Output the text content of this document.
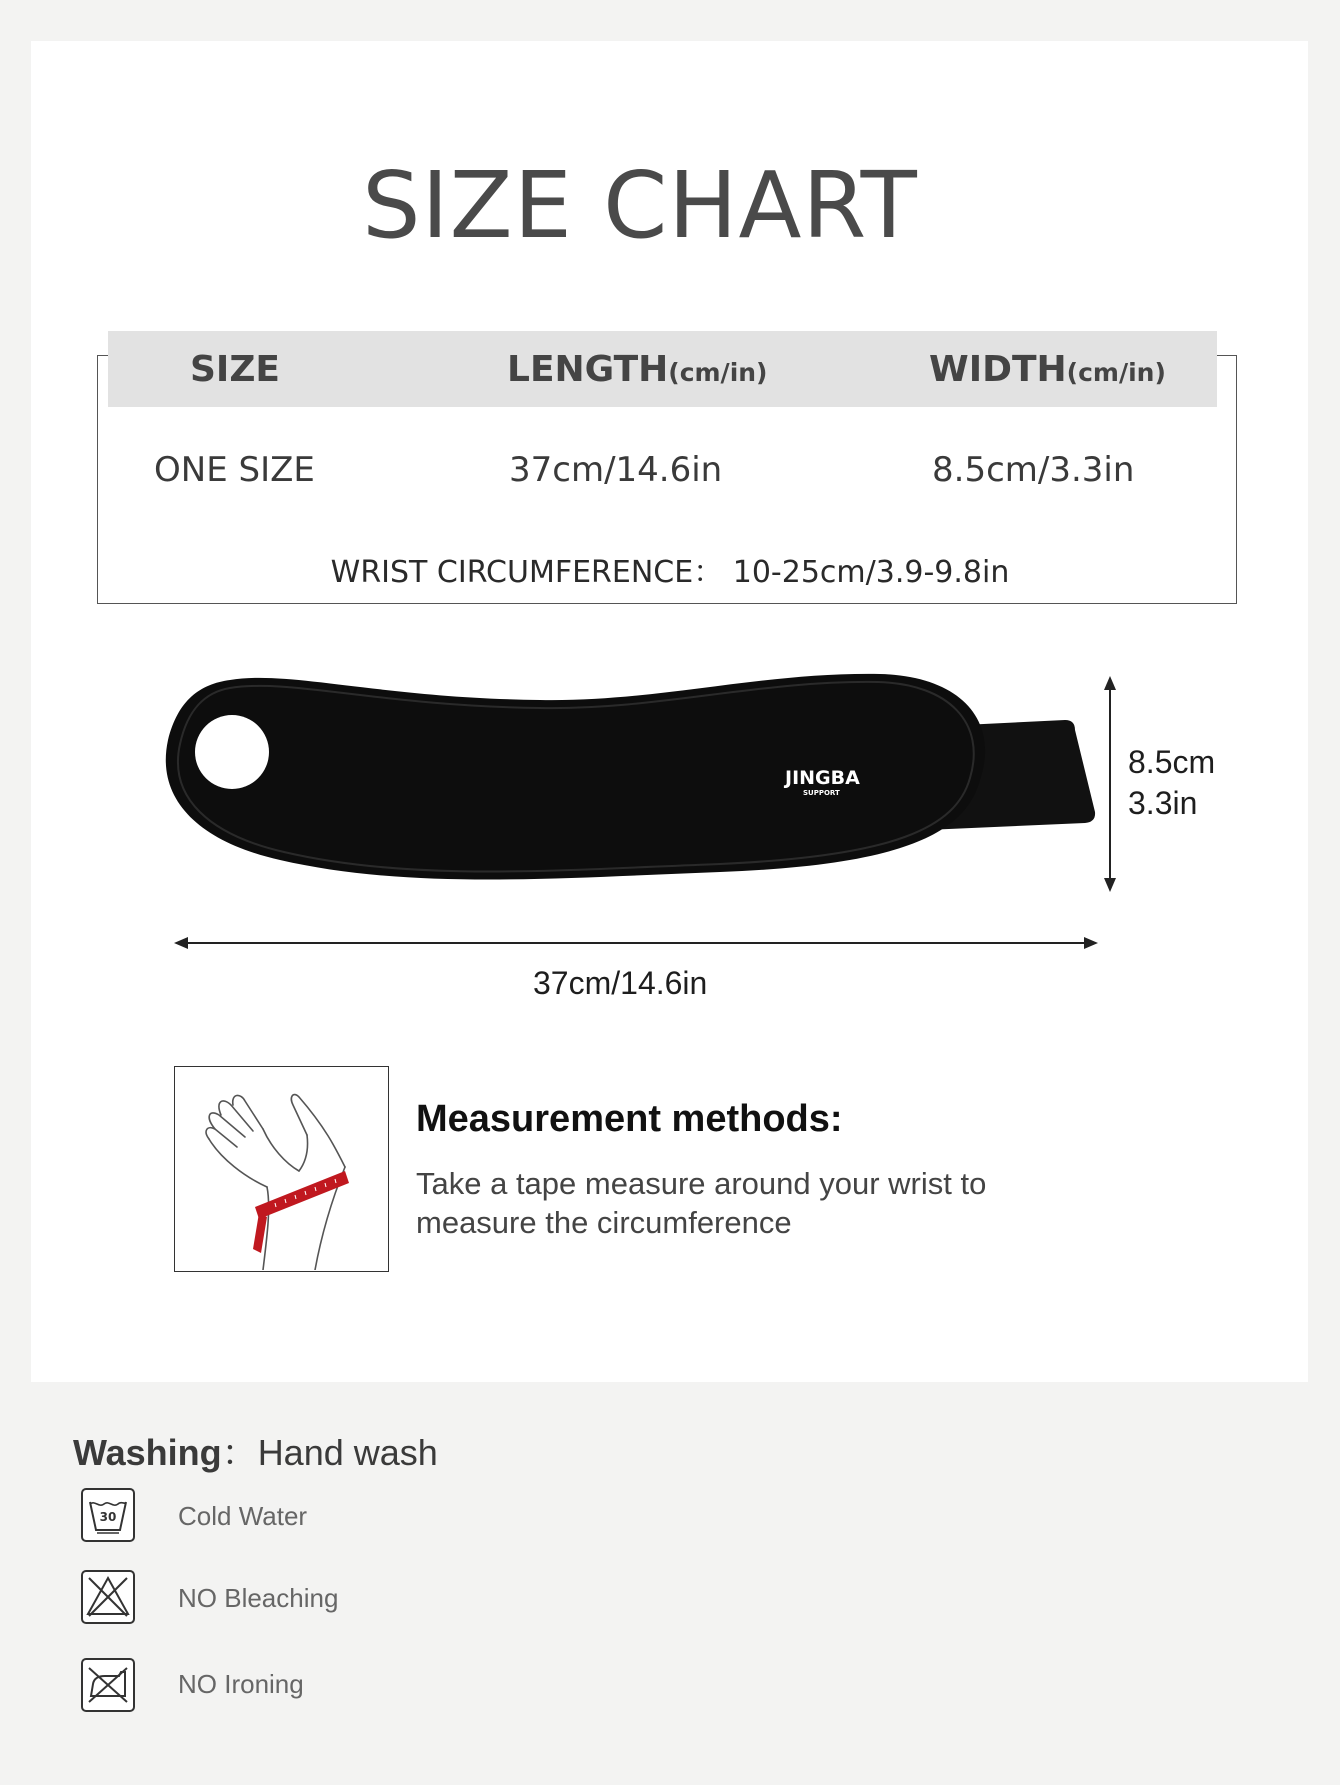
SIZE CHART
SIZE	LENGTH(cm/in)	WIDTH(cm/in)
ONE SIZE	37cm/14.6in	8.5cm/3.3in
WRIST CIRCUMFERENCE： 10-25cm/3.9-9.8in
JINGBA
SUPPORT
8.5cm
3.3in
37cm/14.6in
Measurement methods:
Take a tape measure around your wrist to measure the circumference
Washing：Hand wash
30 Cold Water
NO Bleaching
NO Ironing
